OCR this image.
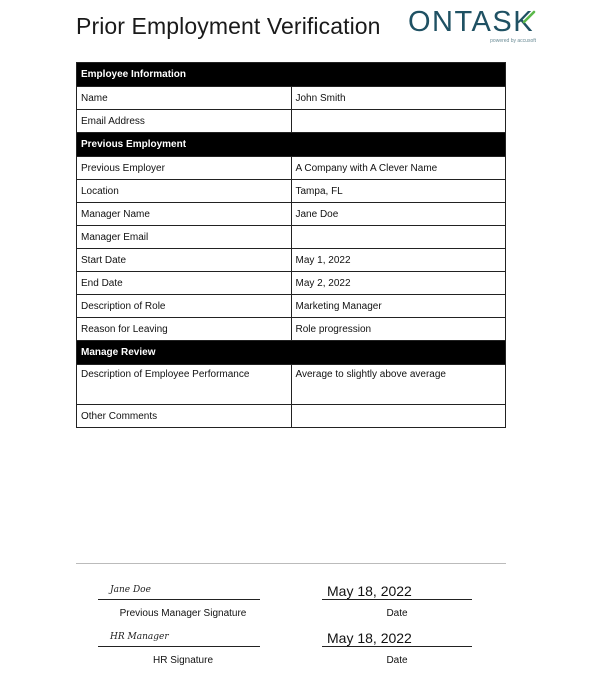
Prior Employment Verification ONTASK
powered by accusoft
Employee Information	
Name	John Smith
Email Address	
Previous Employment	
Previous Employer	A Company with A Clever Name
Location	Tampa, FL
Manager Name	Jane Doe
Manager Email	
Start Date	May 1, 2022
End Date	May 2, 2022
Description of Role	Marketing Manager
Reason for Leaving	Role progression
Manage Review	
Description of Employee Performance	Average to slightly above average
Other Comments	
Jane Doe
Previous Manager Signature
May 18, 2022
Date
HR Manager
HR Signature
May 18, 2022
Date
